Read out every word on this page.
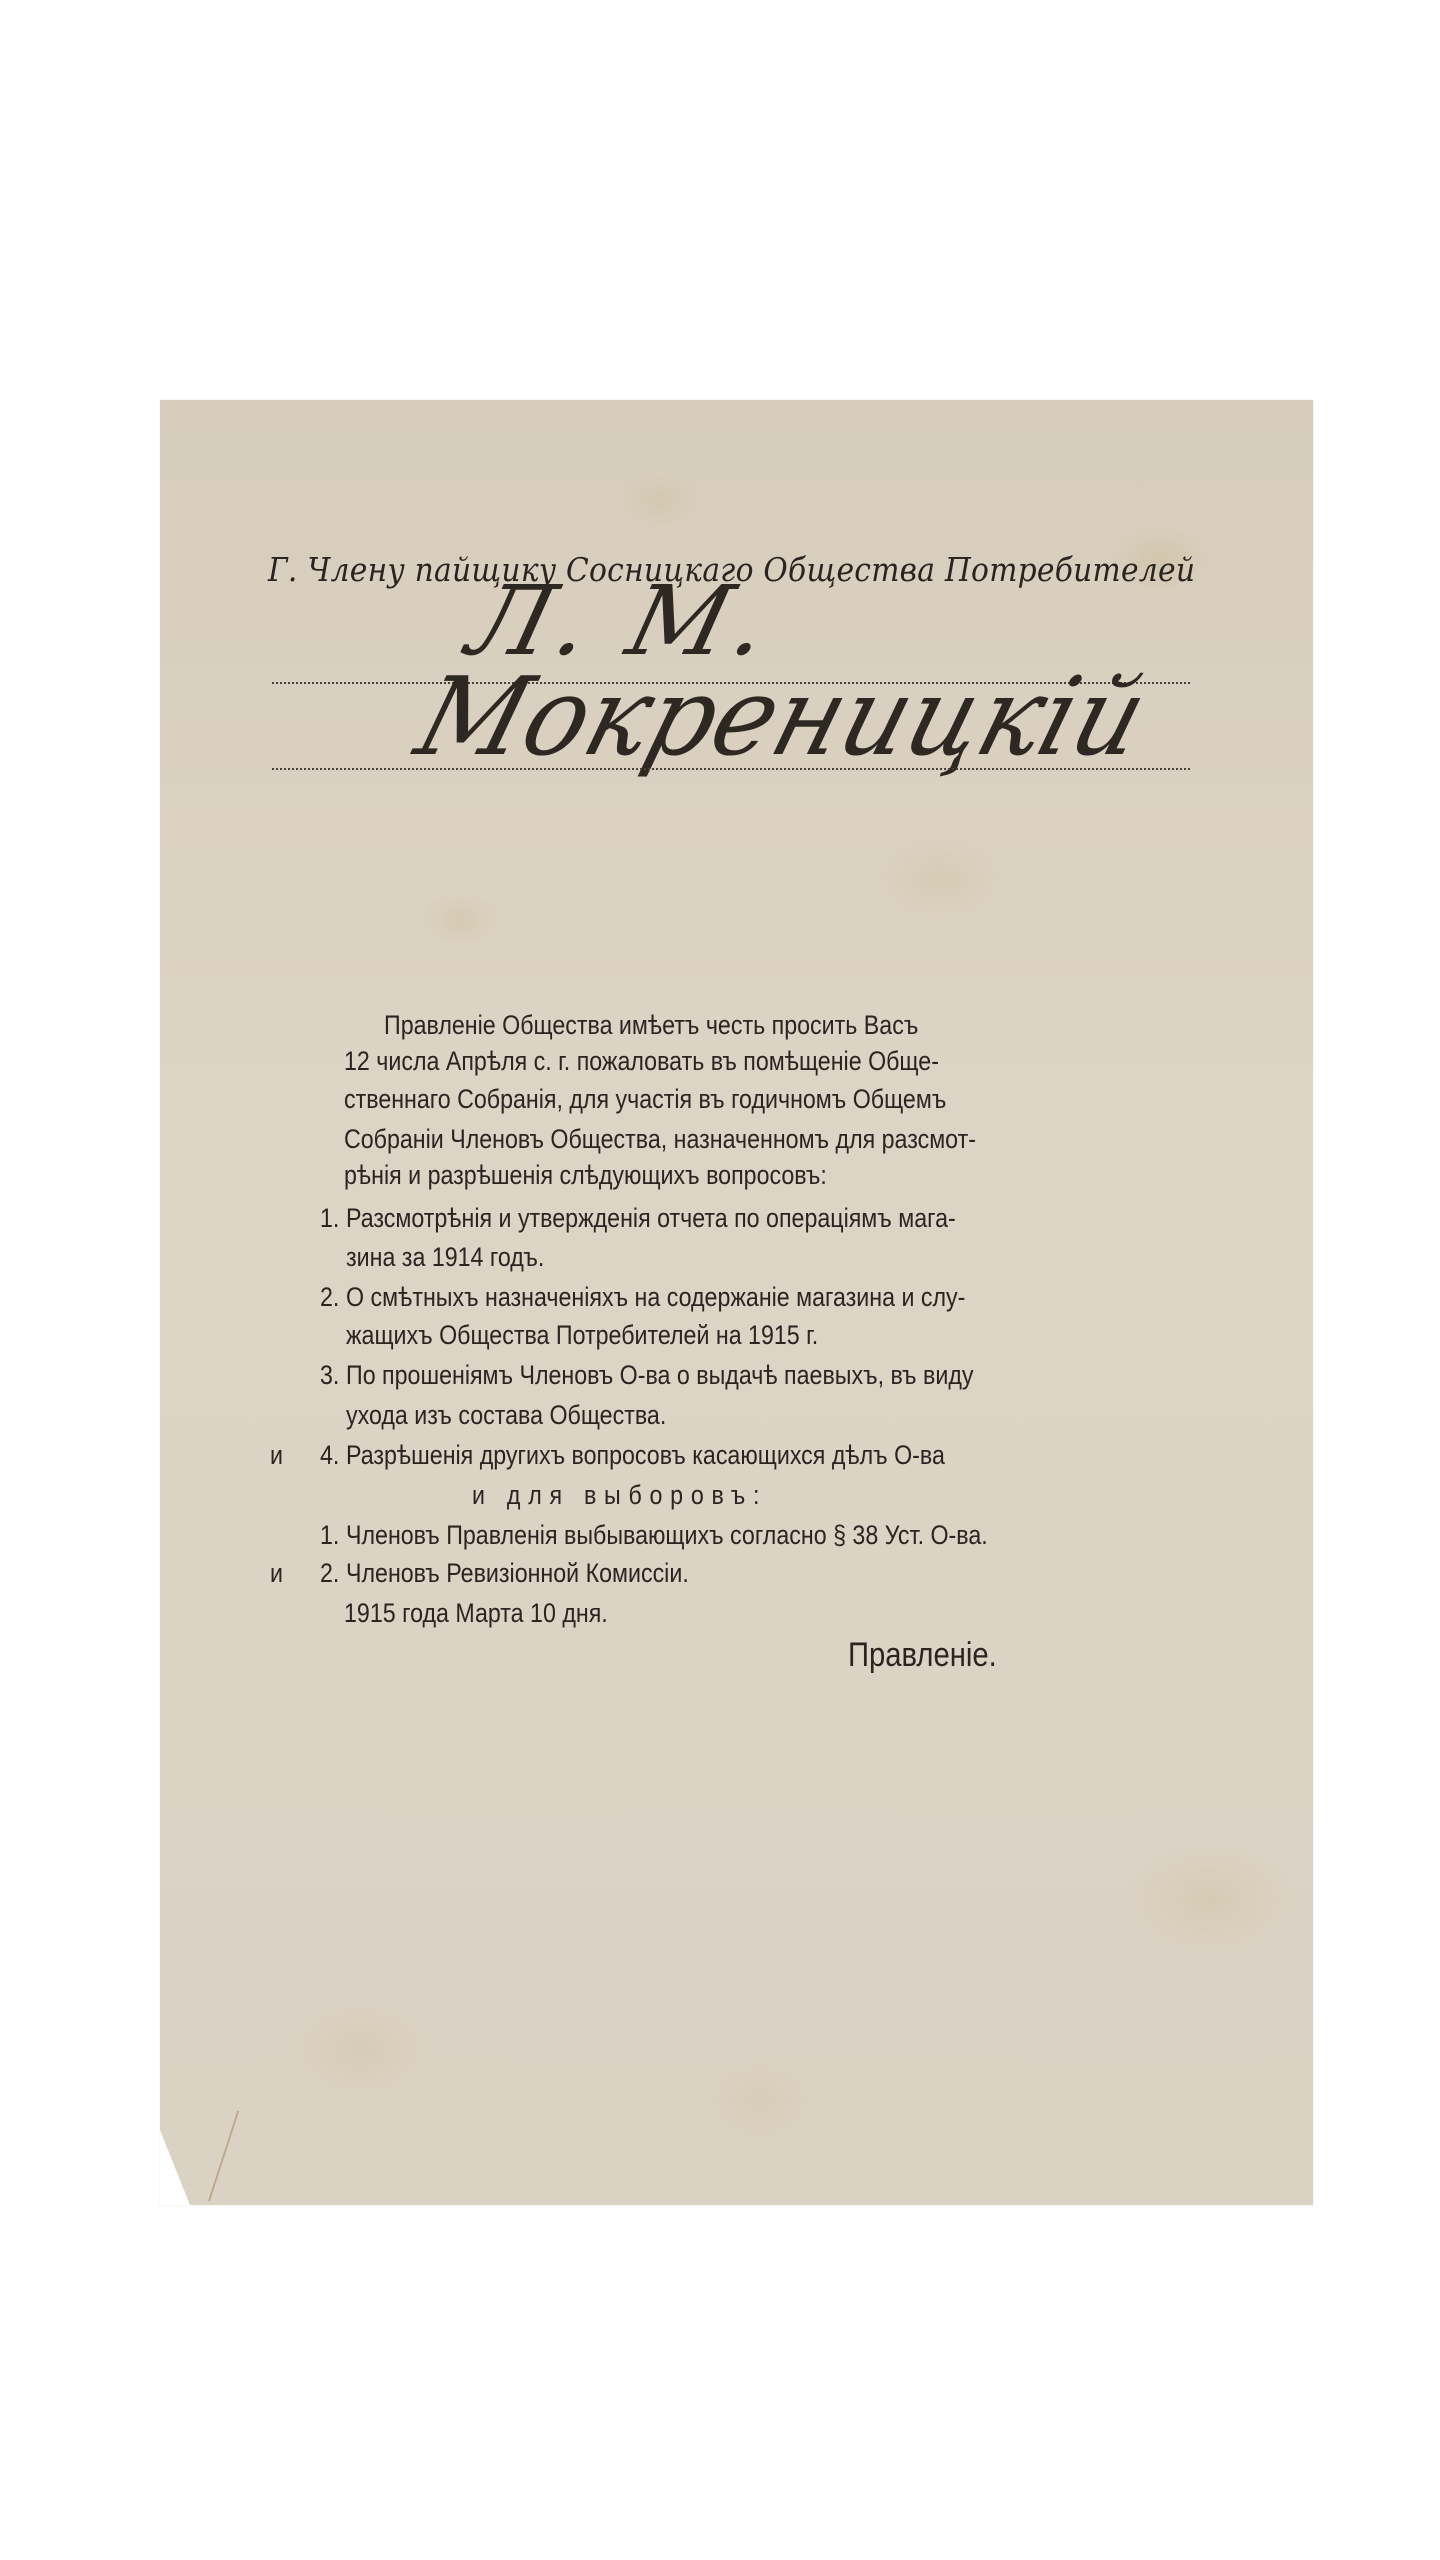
Г. Члену пайщику Сосницкаго Общества Потребителей
Л. М.
Мокреницкій
Правленіе Общества имѣетъ честь просить Васъ
12 числа Апрѣля с. г. пожаловать въ помѣщеніе Обще-
ственнаго Собранія, для участія въ годичномъ Общемъ
Собраніи Членовъ Общества, назначенномъ для разсмот-
рѣнія и разрѣшенія слѣдующихъ вопросовъ:
1. Разсмотрѣнія и утвержденія отчета по операціямъ мага-
зина за 1914 годъ.
2. О смѣтныхъ назначеніяхъ на содержаніе магазина и слу-
жащихъ Общества Потребителей на 1915 г.
3. По прошеніямъ Членовъ О-ва о выдачѣ паевыхъ, въ виду
ухода изъ состава Общества.
и 4. Разрѣшенія другихъ вопросовъ касающихся дѣлъ О-ва
и для выборовъ:
1. Членовъ Правленія выбывающихъ согласно § 38 Уст. О-ва.
и 2. Членовъ Ревизіонной Комиссіи.
1915 года Марта 10 дня.
Правленіе.
